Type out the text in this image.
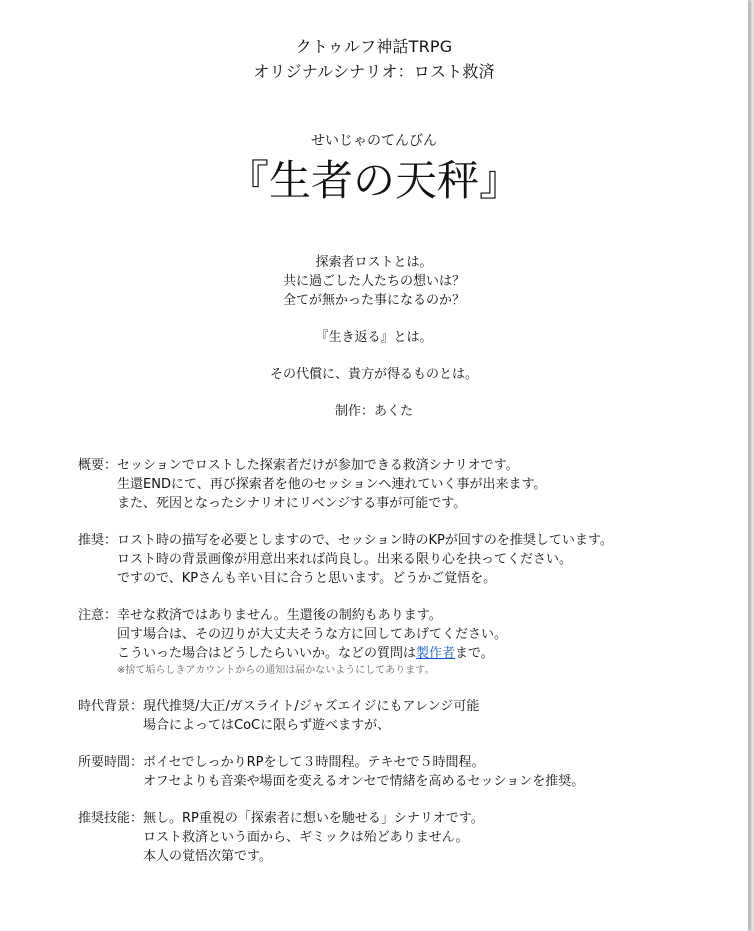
クトゥルフ神話TRPG
オリジナルシナリオ：ロスト救済
せいじゃのてんびん
『生者の天秤』

探索者ロストとは。

共に過ごした人たちの想いは？

全てが無かった事になるのか？

『生き返る』とは。

その代償に、貴方が得るものとは。

制作：あくた

概要： セッションでロストした探索者だけが参加できる救済シナリオです。
生還ENDにて、再び探索者を他のセッションへ連れていく事が出来ます。
また、死因となったシナリオにリベンジする事が可能です。
推奨： ロスト時の描写を必要としますので、セッション時のKPが回すのを推奨しています。
ロスト時の背景画像が用意出来れば尚良し。出来る限り心を抉ってください。
ですので、KPさんも辛い目に合うと思います。どうかご覚悟を。
注意： 幸せな救済ではありません。生還後の制約もあります。
回す場合は、その辺りが大丈夫そうな方に回してあげてください。
こういった場合はどうしたらいいか。などの質問は製作者まで。
※捨て垢らしきアカウントからの通知は届かないようにしてあります。
時代背景： 現代推奨/大正/ガスライト/ジャズエイジにもアレンジ可能
場合によってはCoCに限らず遊べますが、
所要時間： ボイセでしっかりRPをして３時間程。テキセで５時間程。
オフセよりも音楽や場面を変えるオンセで情緒を高めるセッションを推奨。
推奨技能： 無し。RP重視の「探索者に想いを馳せる」シナリオです。
ロスト救済という面から、ギミックは殆どありません。
本人の覚悟次第です。
